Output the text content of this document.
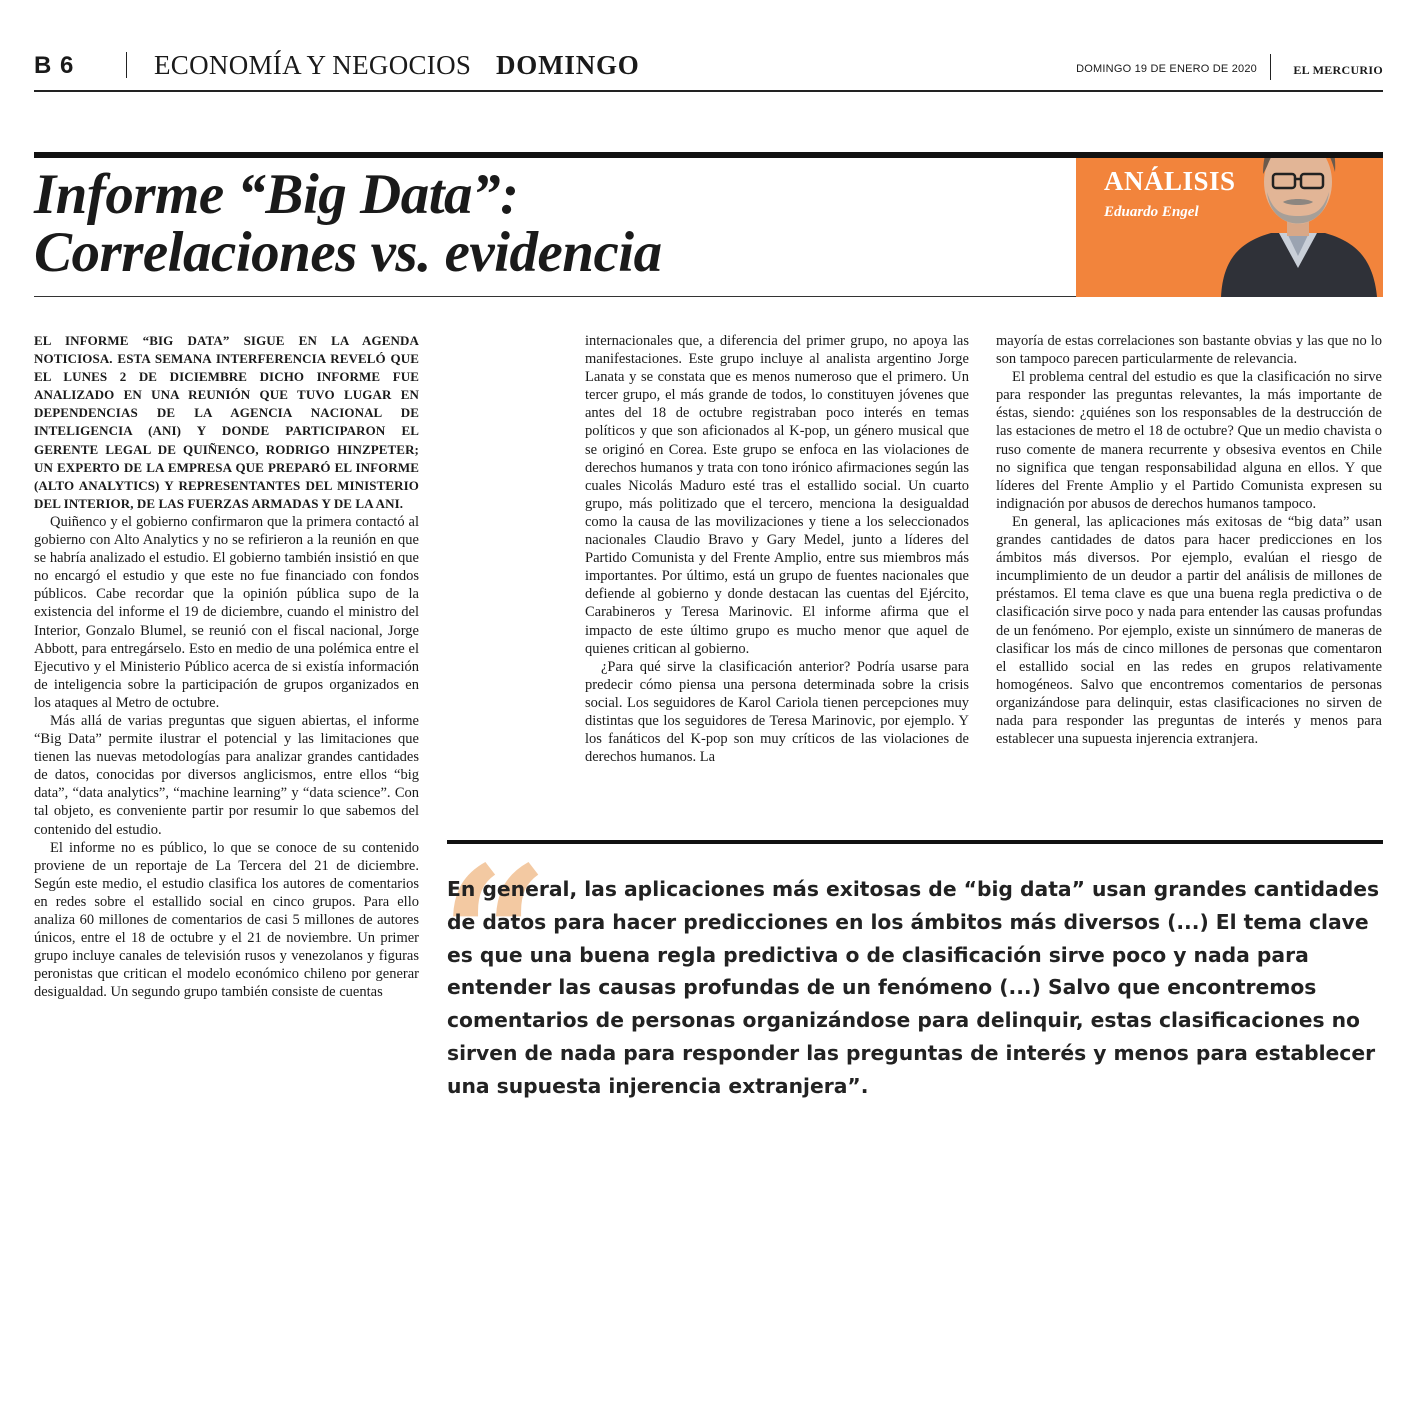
B 6	ECONOMÍA Y NEGOCIOS DOMINGO	DOMINGO 19 DE ENERO DE 2020	EL MERCURIO
Informe “Big Data”:
Correlaciones vs. evidencia
ANÁLISIS
Eduardo Engel

EL INFORME “BIG DATA” SIGUE EN LA AGENDA NOTICIOSA. ESTA SEMANA INTERFERENCIA REVELÓ QUE EL LUNES 2 DE DICIEMBRE DICHO INFORME FUE ANALIZADO EN UNA REUNIÓN QUE TUVO LUGAR EN DEPENDENCIAS DE LA AGENCIA NACIONAL DE INTELIGENCIA (ANI) Y DONDE PARTICIPARON EL GERENTE LEGAL DE QUIÑENCO, RODRIGO HINZPETER; UN EXPERTO DE LA EMPRESA QUE PREPARÓ EL INFORME (ALTO ANALYTICS) Y REPRESENTANTES DEL MINISTERIO DEL INTERIOR, DE LAS FUERZAS ARMADAS Y DE LA ANI.

Quiñenco y el gobierno confirmaron que la primera contactó al gobierno con Alto Analytics y no se refirieron a la reunión en que se habría analizado el estudio. El gobierno también insistió en que no encargó el estudio y que este no fue financiado con fondos públicos. Cabe recordar que la opinión pública supo de la existencia del informe el 19 de diciembre, cuando el ministro del Interior, Gonzalo Blumel, se reunió con el fiscal nacional, Jorge Abbott, para entregárselo. Esto en medio de una polémica entre el Ejecutivo y el Ministerio Público acerca de si existía información de inteligencia sobre la participación de grupos organizados en los ataques al Metro de octubre.

Más allá de varias preguntas que siguen abiertas, el informe “Big Data” permite ilustrar el potencial y las limitaciones que tienen las nuevas metodologías para analizar grandes cantidades de datos, conocidas por diversos anglicismos, entre ellos “big data”, “data analytics”, “machine learning” y “data science”. Con tal objeto, es conveniente partir por resumir lo que sabemos del contenido del estudio.

El informe no es público, lo que se conoce de su contenido proviene de un reportaje de La Tercera del 21 de diciembre. Según este medio, el estudio clasifica los autores de comentarios en redes sobre el estallido social en cinco grupos. Para ello analiza 60 millones de comentarios de casi 5 millones de autores únicos, entre el 18 de octubre y el 21 de noviembre. Un primer grupo incluye canales de televisión rusos y venezolanos y figuras peronistas que critican el modelo económico chileno por generar desigualdad. Un segundo grupo también consiste de cuentas

internacionales que, a diferencia del primer grupo, no apoya las manifestaciones. Este grupo incluye al analista argentino Jorge Lanata y se constata que es menos numeroso que el primero. Un tercer grupo, el más grande de todos, lo constituyen jóvenes que antes del 18 de octubre registraban poco interés en temas políticos y que son aficionados al K-pop, un género musical que se originó en Corea. Este grupo se enfoca en las violaciones de derechos humanos y trata con tono irónico afirmaciones según las cuales Nicolás Maduro esté tras el estallido social. Un cuarto grupo, más politizado que el tercero, menciona la desigualdad como la causa de las movilizaciones y tiene a los seleccionados nacionales Claudio Bravo y Gary Medel, junto a líderes del Partido Comunista y del Frente Amplio, entre sus miembros más importantes. Por último, está un grupo de fuentes nacionales que defiende al gobierno y donde destacan las cuentas del Ejército, Carabineros y Teresa Marinovic. El informe afirma que el impacto de este último grupo es mucho menor que aquel de quienes critican al gobierno.

¿Para qué sirve la clasificación anterior? Podría usarse para predecir cómo piensa una persona determinada sobre la crisis social. Los seguidores de Karol Cariola tienen percepciones muy distintas que los seguidores de Teresa Marinovic, por ejemplo. Y los fanáticos del K-pop son muy críticos de las violaciones de derechos humanos. La

mayoría de estas correlaciones son bastante obvias y las que no lo son tampoco parecen particularmente de relevancia.

El problema central del estudio es que la clasificación no sirve para responder las preguntas relevantes, la más importante de éstas, siendo: ¿quiénes son los responsables de la destrucción de las estaciones de metro el 18 de octubre? Que un medio chavista o ruso comente de manera recurrente y obsesiva eventos en Chile no significa que tengan responsabilidad alguna en ellos. Y que líderes del Frente Amplio y el Partido Comunista expresen su indignación por abusos de derechos humanos tampoco.

En general, las aplicaciones más exitosas de “big data” usan grandes cantidades de datos para hacer predicciones en los ámbitos más diversos. Por ejemplo, evalúan el riesgo de incumplimiento de un deudor a partir del análisis de millones de préstamos. El tema clave es que una buena regla predictiva o de clasificación sirve poco y nada para entender las causas profundas de un fenómeno. Por ejemplo, existe un sinnúmero de maneras de clasificar los más de cinco millones de personas que comentaron el estallido social en las redes en grupos relativamente homogéneos. Salvo que encontremos comentarios de personas organizándose para delinquir, estas clasificaciones no sirven de nada para responder las preguntas de interés y menos para establecer una supuesta injerencia extranjera.

“

En general, las aplicaciones más exitosas de “big data” usan grandes cantidades de datos para hacer predicciones en los ámbitos más diversos (...) El tema clave es que una buena regla predictiva o de clasificación sirve poco y nada para entender las causas profundas de un fenómeno (...) Salvo que encontremos comentarios de personas organizándose para delinquir, estas clasificaciones no sirven de nada para responder las preguntas de interés y menos para establecer una supuesta injerencia extranjera”.
